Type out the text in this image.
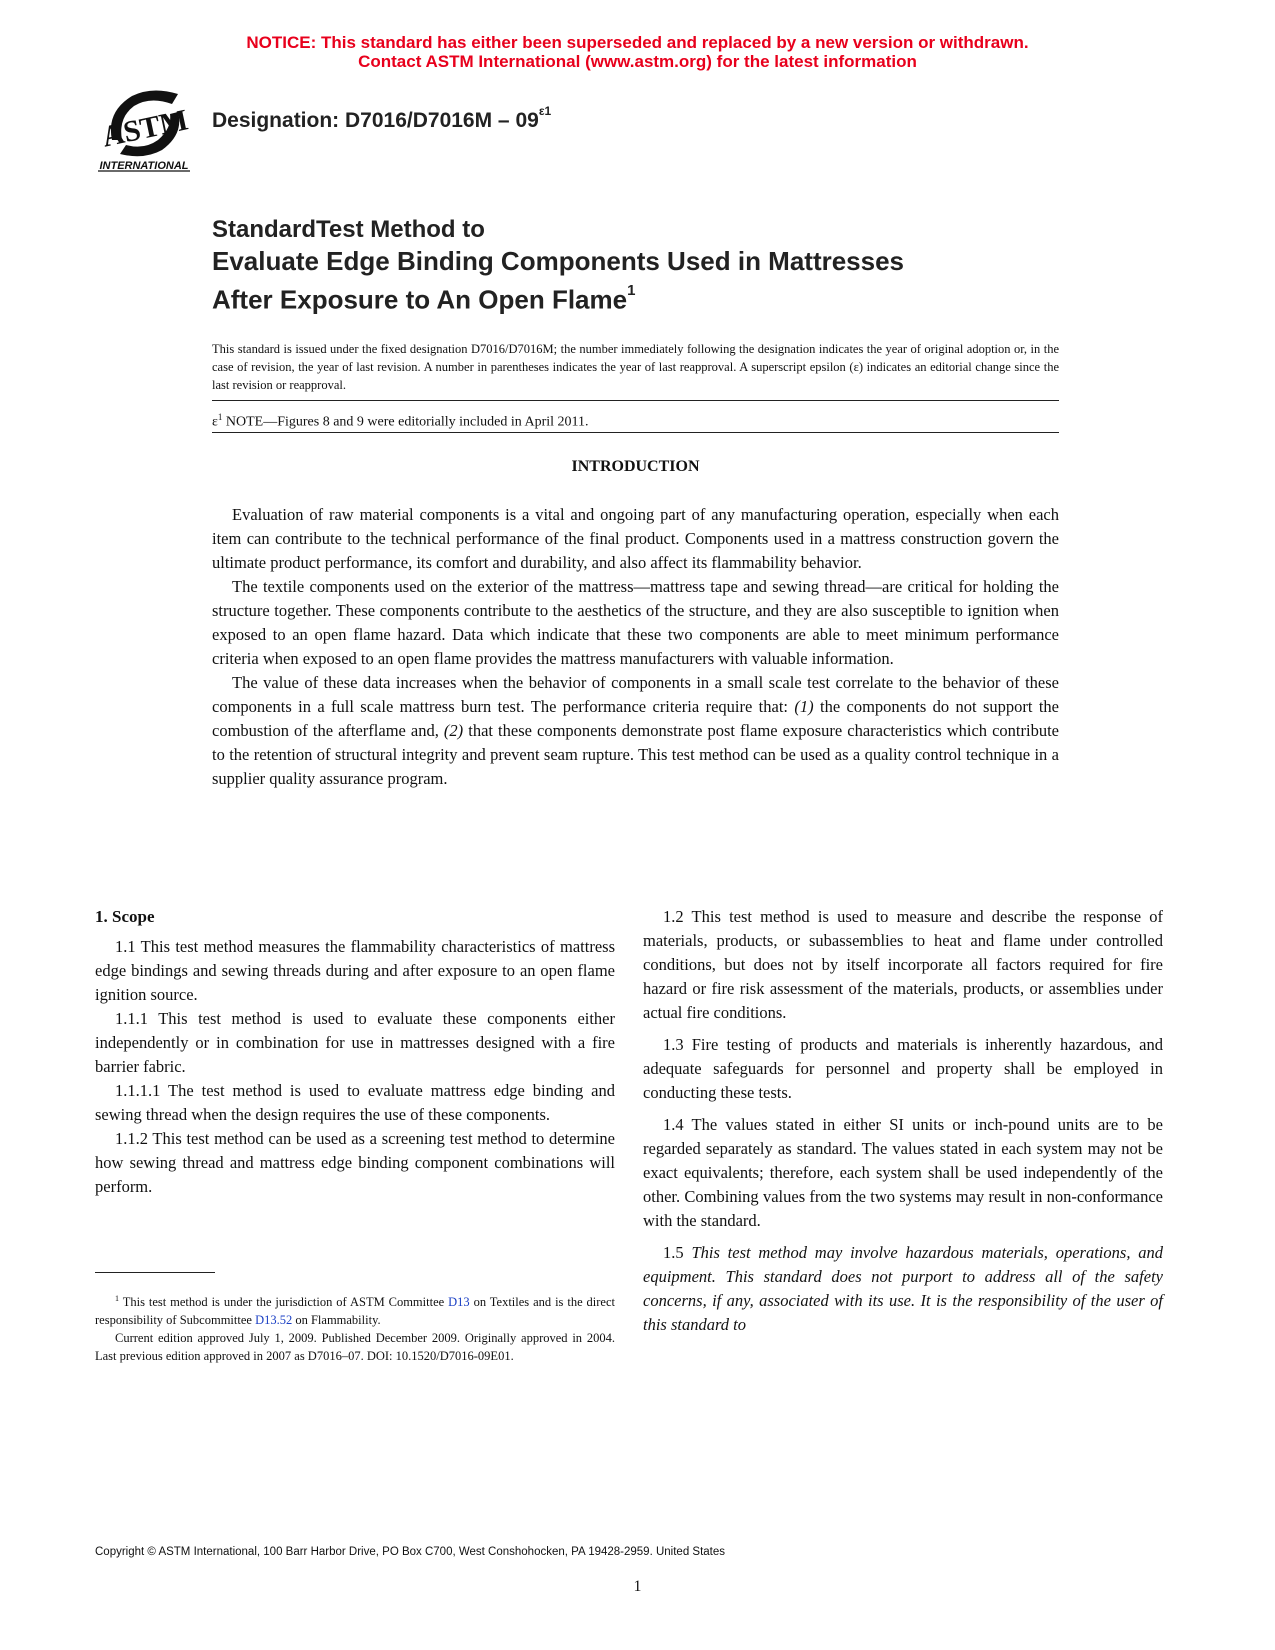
NOTICE: This standard has either been superseded and replaced by a new version or withdrawn.
Contact ASTM International (www.astm.org) for the latest information
ASTM
INTERNATIONAL
Designation: $D7016/D7016M - 09^{\varepsilon 1}$
StandardTest Method to
Evaluate Edge Binding Components Used in Mattresses
After Exposure to An Open Flame$^1$
This standard is issued under the fixed designation D7016/D7016M; the number immediately following the designation indicates the year of original adoption or, in the case of revision, the year of last revision. A number in parentheses indicates the year of last reapproval. A superscript epsilon (ε) indicates an editorial change since the last revision or reapproval.
$\varepsilon^1$ NOTE—Figures 8 and 9 were editorially included in April 2011.
INTRODUCTION

Evaluation of raw material components is a vital and ongoing part of any manufacturing operation, especially when each item can contribute to the technical performance of the final product. Components used in a mattress construction govern the ultimate product performance, its comfort and durability, and also affect its flammability behavior.

The textile components used on the exterior of the mattress—mattress tape and sewing thread—are critical for holding the structure together. These components contribute to the aesthetics of the structure, and they are also susceptible to ignition when exposed to an open flame hazard. Data which indicate that these two components are able to meet minimum performance criteria when exposed to an open flame provides the mattress manufacturers with valuable information.

The value of these data increases when the behavior of components in a small scale test correlate to the behavior of these components in a full scale mattress burn test. The performance criteria require that: (1) the components do not support the combustion of the afterflame and, (2) that these components demonstrate post flame exposure characteristics which contribute to the retention of structural integrity and prevent seam rupture. This test method can be used as a quality control technique in a supplier quality assurance program.

1. Scope

1.1 This test method measures the flammability characteristics of mattress edge bindings and sewing threads during and after exposure to an open flame ignition source.

1.1.1 This test method is used to evaluate these components either independently or in combination for use in mattresses designed with a fire barrier fabric.

1.1.1.1 The test method is used to evaluate mattress edge binding and sewing thread when the design requires the use of these components.

1.1.2 This test method can be used as a screening test method to determine how sewing thread and mattress edge binding component combinations will perform.

$^1$ This test method is under the jurisdiction of ASTM Committee D13 on Textiles and is the direct responsibility of Subcommittee D13.52 on Flammability.

Current edition approved July 1, 2009. Published December 2009. Originally approved in 2004. Last previous edition approved in 2007 as D7016–07. DOI: 10.1520/D7016-09E01.

1.2 This test method is used to measure and describe the response of materials, products, or subassemblies to heat and flame under controlled conditions, but does not by itself incorporate all factors required for fire hazard or fire risk assessment of the materials, products, or assemblies under actual fire conditions.

1.3 Fire testing of products and materials is inherently hazardous, and adequate safeguards for personnel and property shall be employed in conducting these tests.

1.4 The values stated in either SI units or inch-pound units are to be regarded separately as standard. The values stated in each system may not be exact equivalents; therefore, each system shall be used independently of the other. Combining values from the two systems may result in non-conformance with the standard.

1.5 This test method may involve hazardous materials, operations, and equipment. This standard does not purport to address all of the safety concerns, if any, associated with its use. It is the responsibility of the user of this standard to

Copyright © ASTM International, 100 Barr Harbor Drive, PO Box C700, West Conshohocken, PA 19428-2959. United States
1
